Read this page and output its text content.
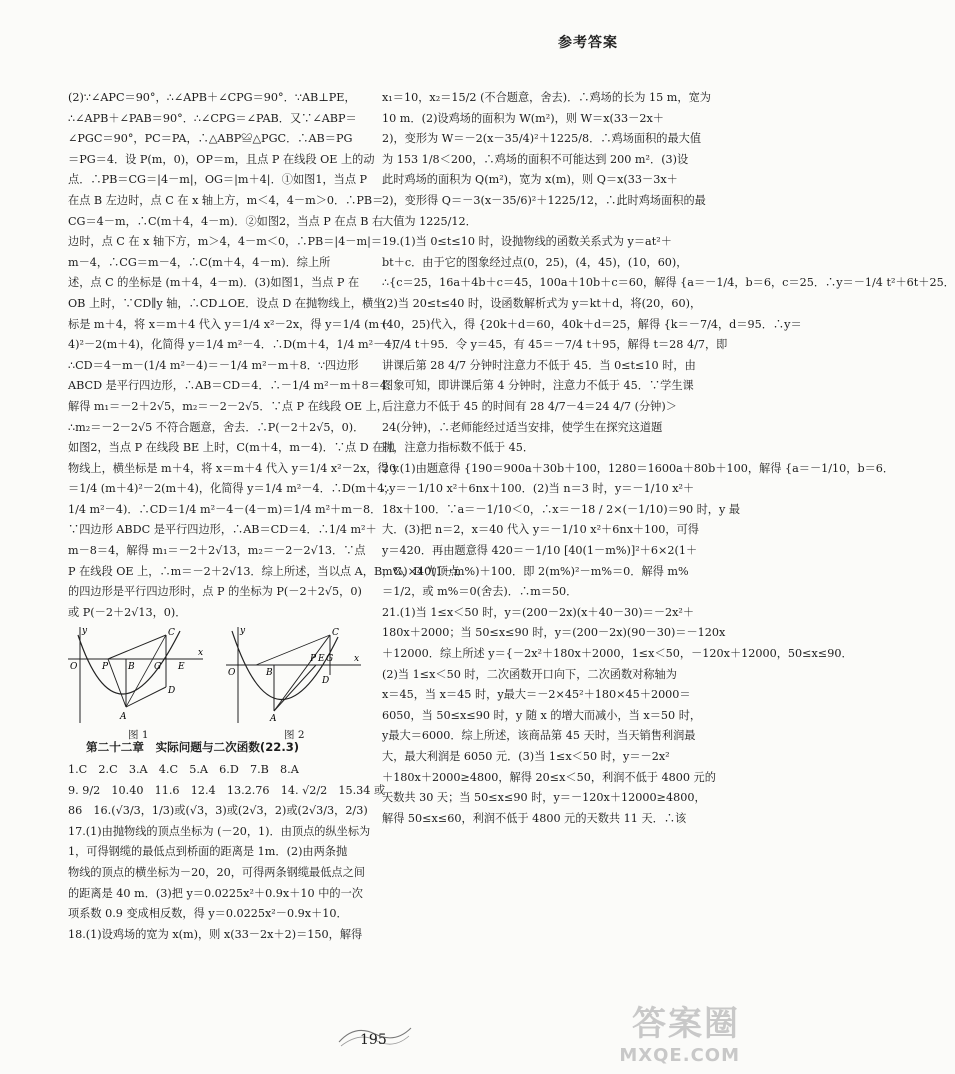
参考答案

(2)∵∠APC＝90°，∴∠APB＋∠CPG＝90°．∵AB⊥PE，

∴∠APB＋∠PAB＝90°．∴∠CPG＝∠PAB．又∵∠ABP＝

∠PGC＝90°，PC＝PA，∴△ABP≌△PGC．∴AB＝PG

＝PG＝4．设 P(m，0)，OP＝m，且点 P 在线段 OE 上的动

点．∴PB＝CG＝|4－m|，OG＝|m＋4|．①如图1，当点 P

在点 B 左边时，点 C 在 x 轴上方，m＜4，4－m＞0．∴PB＝

CG＝4－m，∴C(m＋4，4－m)．②如图2，当点 P 在点 B 右

边时，点 C 在 x 轴下方，m＞4，4－m＜0，∴PB＝|4－m|＝

m－4，∴CG＝m－4，∴C(m＋4，4－m)．综上所

述，点 C 的坐标是 (m＋4，4－m)．(3)如图1，当点 P 在

OB 上时，∵CD∥y 轴，∴CD⊥OE．设点 D 在抛物线上，横坐

标是 m＋4，将 x＝m＋4 代入 y＝1/4 x²－2x，得 y＝1/4 (m＋

4)²－2(m＋4)，化简得 y＝1/4 m²－4．∴D(m＋4，1/4 m²－4)．

∴CD＝4－m－(1/4 m²－4)＝－1/4 m²－m＋8．∵四边形

ABCD 是平行四边形，∴AB＝CD＝4．∴－1/4 m²－m＋8＝4．

解得 m₁＝－2＋2√5，m₂＝－2－2√5．∵点 P 在线段 OE 上，

∴m₂＝－2－2√5 不符合题意，舍去．∴P(－2＋2√5，0)．

如图2，当点 P 在线段 BE 上时，C(m＋4，m－4)．∵点 D 在抛

物线上，横坐标是 m＋4，将 x＝m＋4 代入 y＝1/4 x²－2x，得 y

＝1/4 (m＋4)²－2(m＋4)，化简得 y＝1/4 m²－4．∴D(m＋4，

1/4 m²－4)．∴CD＝1/4 m²－4－(4－m)＝1/4 m²＋m－8．

∵四边形 ABDC 是平行四边形，∴AB＝CD＝4．∴1/4 m²＋

m－8＝4，解得 m₁＝－2＋2√13，m₂＝－2－2√13．∵点

P 在线段 OE 上，∴m＝－2＋2√13．综上所述，当以点 A，B，C，D 为顶点

的四边形是平行四边形时，点 P 的坐标为 P(－2＋2√5，0)

或 P(－2＋2√13，0)．

O
y
x
P B G E
C
D
A
图 1
O
y
x
B
P E G
C
D
A
图 2

第二十二章　实际问题与二次函数(22.3)

1.C　2.C　3.A　4.C　5.A　6.D　7.B　8.A

9. 9/2　10.40　11.6　12.4　13.2.76　14. √2/2　15.34 或

86　16.(√3/3，1/3)或(√3，3)或(2√3，2)或(2√3/3，2/3)

17.(1)由抛物线的顶点坐标为 (－20，1)．由顶点的纵坐标为

1，可得钢缆的最低点到桥面的距离是 1m．(2)由两条抛

物线的顶点的横坐标为－20，20，可得两条钢缆最低点之间

的距离是 40 m．(3)把 y＝0.0225x²＋0.9x＋10 中的一次

项系数 0.9 变成相反数，得 y＝0.0225x²－0.9x＋10．

18.(1)设鸡场的宽为 x(m)，则 x(33－2x＋2)＝150，解得

x₁＝10，x₂＝15/2 (不合题意，舍去)．∴鸡场的长为 15 m，宽为

10 m．(2)设鸡场的面积为 W(m²)，则 W＝x(33－2x＋

2)，变形为 W＝－2(x－35/4)²＋1225/8．∴鸡场面积的最大值

为 153 1/8＜200，∴鸡场的面积不可能达到 200 m²．(3)设

此时鸡场的面积为 Q(m²)，宽为 x(m)，则 Q＝x(33－3x＋

2)，变形得 Q＝－3(x－35/6)²＋1225/12，∴此时鸡场面积的最

大值为 1225/12．

19.(1)当 0≤t≤10 时，设抛物线的函数关系式为 y＝at²＋

bt＋c．由于它的图象经过点(0，25)，(4，45)，(10，60)，

∴{c＝25，16a＋4b＋c＝45，100a＋10b＋c＝60，解得 {a＝－1/4，b＝6，c＝25．∴y＝－1/4 t²＋6t＋25．

(2)当 20≤t≤40 时，设函数解析式为 y＝kt＋d，将(20，60)，

(40，25)代入，得 {20k＋d＝60，40k＋d＝25，解得 {k＝－7/4，d＝95．∴y＝

－7/4 t＋95．令 y＝45，有 45＝－7/4 t＋95，解得 t＝28 4/7，即

讲课后第 28 4/7 分钟时注意力不低于 45．当 0≤t≤10 时，由

图象可知，即讲课后第 4 分钟时，注意力不低于 45．∵学生课

后注意力不低于 45 的时间有 28 4/7－4＝24 4/7 (分钟)＞

24(分钟)，∴老师能经过适当安排，使学生在探究这道题

时，注意力指标数不低于 45．

20.(1)由题意得 {190＝900a＋30b＋100，1280＝1600a＋80b＋100，解得 {a＝－1/10，b＝6．

∴y＝－1/10 x²＋6nx＋100．(2)当 n＝3 时，y＝－1/10 x²＋

18x＋100．∵a＝－1/10＜0，∴x＝－18 / 2×(－1/10)＝90 时，y 最

大．(3)把 n＝2，x＝40 代入 y＝－1/10 x²＋6nx＋100，可得

y＝420．再由题意得 420＝－1/10 [40(1－m%)]²＋6×2(1＋

m%)×40(1－m%)＋100．即 2(m%)²－m%＝0．解得 m%

＝1/2，或 m%＝0(舍去)．∴m＝50．

21.(1)当 1≤x＜50 时，y＝(200－2x)(x＋40－30)＝－2x²＋

180x＋2000；当 50≤x≤90 时，y＝(200－2x)(90－30)＝－120x

＋12000．综上所述 y＝{－2x²＋180x＋2000，1≤x＜50，－120x＋12000，50≤x≤90．

(2)当 1≤x＜50 时，二次函数开口向下，二次函数对称轴为

x＝45，当 x＝45 时，y最大＝－2×45²＋180×45＋2000＝

6050，当 50≤x≤90 时，y 随 x 的增大而减小，当 x＝50 时，

y最大＝6000．综上所述，该商品第 45 天时，当天销售利润最

大，最大利润是 6050 元．(3)当 1≤x＜50 时，y＝－2x²

＋180x＋2000≥4800，解得 20≤x＜50，利润不低于 4800 元的

天数共 30 天；当 50≤x≤90 时，y＝－120x＋12000≥4800，

解得 50≤x≤60，利润不低于 4800 元的天数共 11 天．∴该

195	答案圈
MXQE.COM
